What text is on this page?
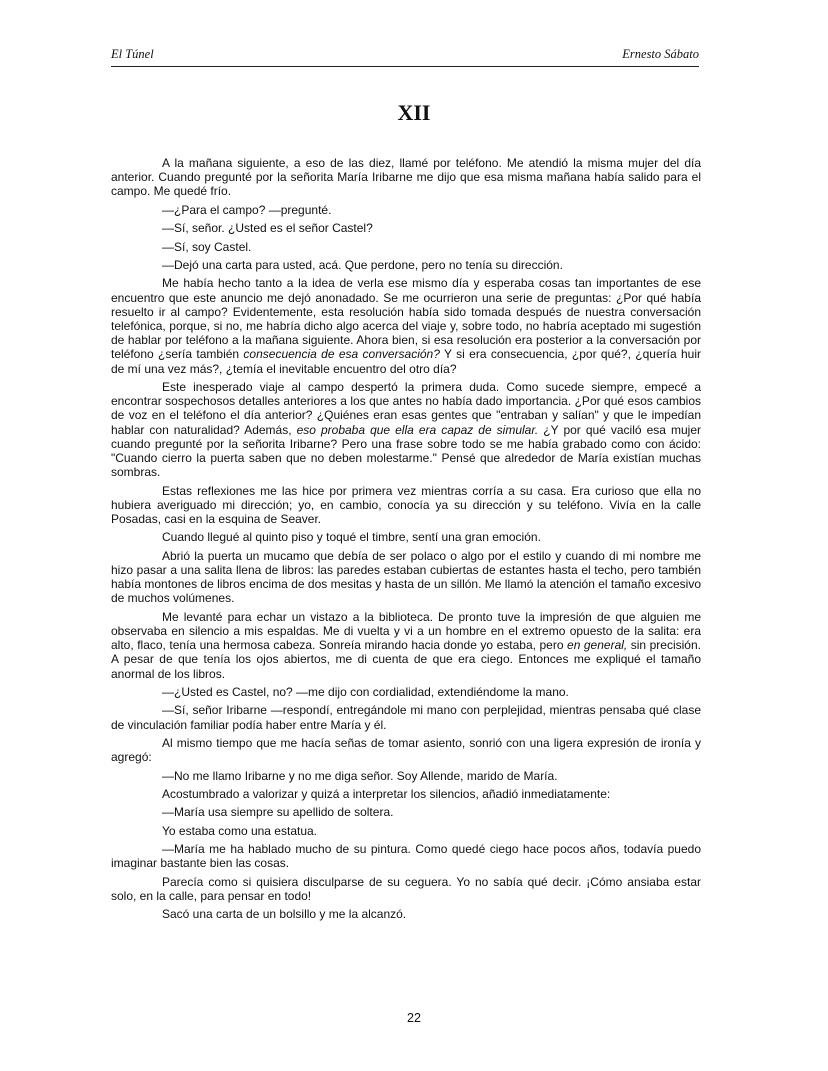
El Túnel	Ernesto Sábato
XII

A la mañana siguiente, a eso de las diez, llamé por teléfono. Me atendió la misma mujer del día anterior. Cuando pregunté por la señorita María Iribarne me dijo que esa misma mañana había salido para el campo. Me quedé frío.

—¿Para el campo? —pregunté.

—Sí, señor. ¿Usted es el señor Castel?

—Sí, soy Castel.

—Dejó una carta para usted, acá. Que perdone, pero no tenía su dirección.

Me había hecho tanto a la idea de verla ese mismo día y esperaba cosas tan importantes de ese encuentro que este anuncio me dejó anonadado. Se me ocurrieron una serie de preguntas: ¿Por qué había resuelto ir al campo? Evidentemente, esta resolución había sido tomada después de nuestra conversación telefónica, porque, si no, me habría dicho algo acerca del viaje y, sobre todo, no habría aceptado mi sugestión de hablar por teléfono a la mañana siguiente. Ahora bien, si esa resolución era posterior a la conversación por teléfono ¿sería también consecuencia de esa conversación? Y si era consecuencia, ¿por qué?, ¿quería huir de mí una vez más?, ¿temía el inevitable encuentro del otro día?

Este inesperado viaje al campo despertó la primera duda. Como sucede siempre, empecé a encontrar sospechosos detalles anteriores a los que antes no había dado importancia. ¿Por qué esos cambios de voz en el teléfono el día anterior? ¿Quiénes eran esas gentes que "entraban y salían" y que le impedían hablar con naturalidad? Además, eso probaba que ella era capaz de simular. ¿Y por qué vaciló esa mujer cuando pregunté por la señorita Iribarne? Pero una frase sobre todo se me había grabado como con ácido: "Cuando cierro la puerta saben que no deben molestarme." Pensé que alrededor de María existían muchas sombras.

Estas reflexiones me las hice por primera vez mientras corría a su casa. Era curioso que ella no hubiera averiguado mi dirección; yo, en cambio, conocía ya su dirección y su teléfono. Vivía en la calle Posadas, casi en la esquina de Seaver.

Cuando llegué al quinto piso y toqué el timbre, sentí una gran emoción.

Abrió la puerta un mucamo que debía de ser polaco o algo por el estilo y cuando di mi nombre me hizo pasar a una salita llena de libros: las paredes estaban cubiertas de estantes hasta el techo, pero también había montones de libros encima de dos mesitas y hasta de un sillón. Me llamó la atención el tamaño excesivo de muchos volúmenes.

Me levanté para echar un vistazo a la biblioteca. De pronto tuve la impresión de que alguien me observaba en silencio a mis espaldas. Me di vuelta y vi a un hombre en el extremo opuesto de la salita: era alto, flaco, tenía una hermosa cabeza. Sonreía mirando hacia donde yo estaba, pero en general, sin precisión. A pesar de que tenía los ojos abiertos, me di cuenta de que era ciego. Entonces me expliqué el tamaño anormal de los libros.

—¿Usted es Castel, no? —me dijo con cordialidad, extendiéndome la mano.

—Sí, señor Iribarne —respondí, entregándole mi mano con perplejidad, mientras pensaba qué clase de vinculación familiar podía haber entre María y él.

Al mismo tiempo que me hacía señas de tomar asiento, sonrió con una ligera expresión de ironía y agregó:

—No me llamo Iribarne y no me diga señor. Soy Allende, marido de María.

Acostumbrado a valorizar y quizá a interpretar los silencios, añadió inmediatamente:

—María usa siempre su apellido de soltera.

Yo estaba como una estatua.

—María me ha hablado mucho de su pintura. Como quedé ciego hace pocos años, todavía puedo imaginar bastante bien las cosas.

Parecía como si quisiera disculparse de su ceguera. Yo no sabía qué decir. ¡Cómo ansiaba estar solo, en la calle, para pensar en todo!

Sacó una carta de un bolsillo y me la alcanzó.

22
